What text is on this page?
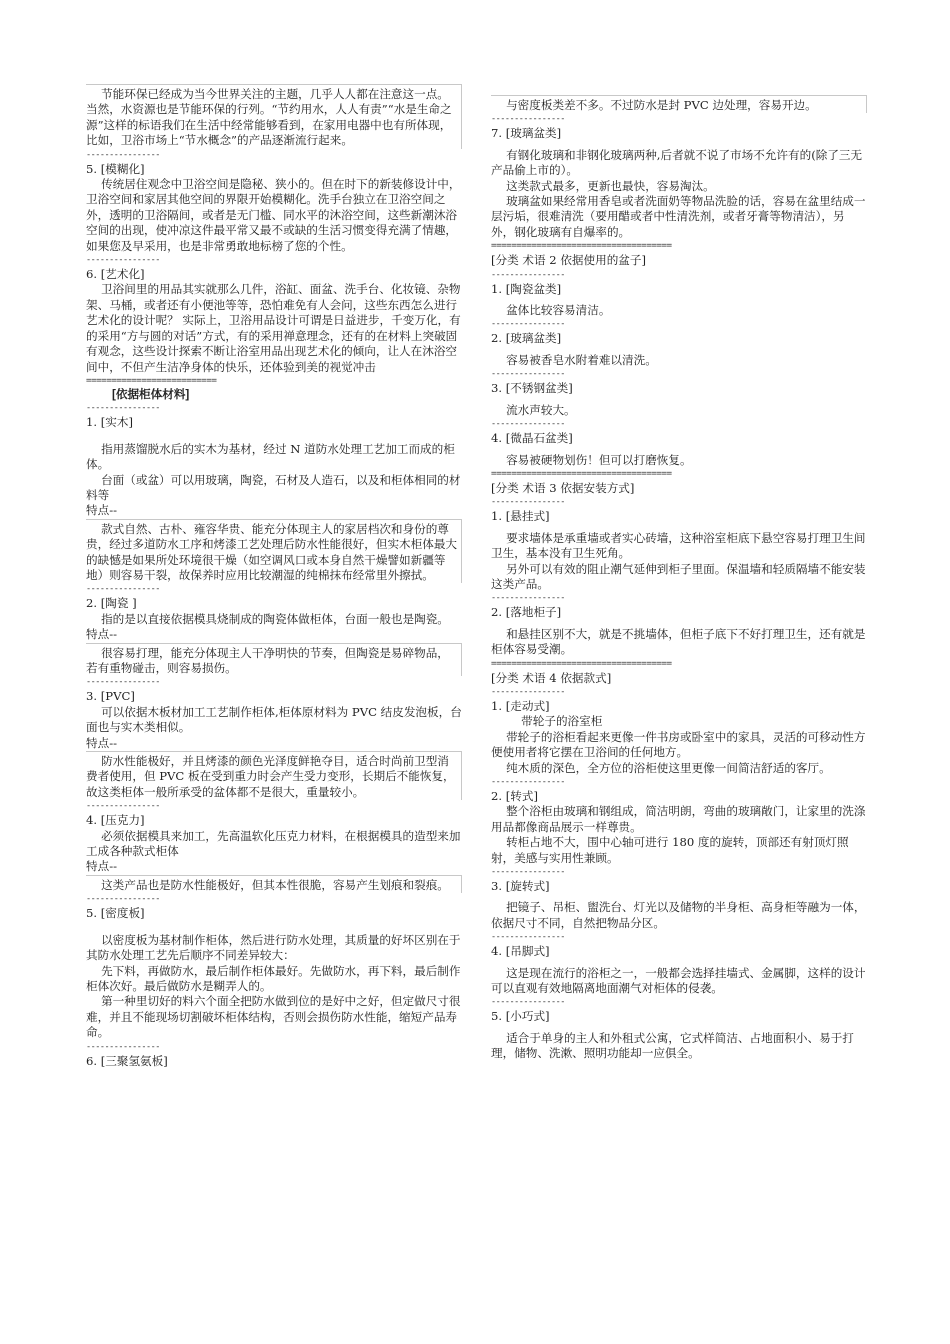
节能环保已经成为当今世界关注的主题，几乎人人都在注意这一点。当然，水资源也是节能环保的行列。“节约用水，人人有责”“水是生命之源”这样的标语我们在生活中经常能够看到，在家用电器中也有所体现，比如，卫浴市场上“节水概念”的产品逐渐流行起来。

----------------

5. [模糊化]

传统居住观念中卫浴空间是隐秘、狭小的。但在时下的新装修设计中，卫浴空间和家居其他空间的界限开始模糊化。洗手台独立在卫浴空间之外，透明的卫浴隔间，或者是无门槛、同水平的沐浴空间，这些新潮沐浴空间的出现，使冲凉这件最平常又最不或缺的生活习惯变得充满了情趣，如果您及早采用，也是非常勇敢地标榜了您的个性。

----------------

6. [艺术化]

卫浴间里的用品其实就那么几件，浴缸、面盆、洗手台、化妆镜、杂物架、马桶，或者还有小便池等等，恐怕难免有人会问，这些东西怎么进行艺术化的设计呢？ 实际上，卫浴用品设计可谓是日益进步，千变万化，有的采用“方与圆的对话”方式，有的采用禅意理念，还有的在材料上突破固有观念，这些设计探索不断让浴室用品出现艺术化的倾向，让人在沐浴空间中，不但产生洁净身体的快乐，还体验到美的视觉冲击

==========================

[依据柜体材料]

----------------

1. [实木]

指用蒸馏脱水后的实木为基材，经过 N 道防水处理工艺加工而成的柜体。

台面（或盆）可以用玻璃，陶瓷，石材及人造石，以及和柜体相同的材料等

特点--

款式自然、古朴、雍容华贵、能充分体现主人的家居档次和身份的尊贵，经过多道防水工序和烤漆工艺处理后防水性能很好，但实木柜体最大的缺憾是如果所处环境很干燥（如空调风口或本身自然干燥譬如新疆等地）则容易干裂，故保养时应用比较潮湿的纯棉抹布经常里外擦拭。

----------------

2. [陶瓷 ]

指的是以直接依据模具烧制成的陶瓷体做柜体，台面一般也是陶瓷。

特点--

很容易打理，能充分体现主人干净明快的节奏，但陶瓷是易碎物品，若有重物碰击，则容易损伤。

----------------

3. [PVC]

可以依据木板材加工工艺制作柜体,柜体原材料为 PVC 结皮发泡板，台面也与实木类相似。

特点--

防水性能极好，并且烤漆的颜色光泽度鲜艳夺目，适合时尚前卫型消费者使用，但 PVC 板在受到重力时会产生受力变形，长期后不能恢复，故这类柜体一般所承受的盆体都不是很大，重量较小。

----------------

4. [压克力]

必须依据模具来加工，先高温软化压克力材料，在根据模具的造型来加工成各种款式柜体

特点--

这类产品也是防水性能极好，但其本性很脆，容易产生划痕和裂痕。

----------------

5. [密度板]

以密度板为基材制作柜体，然后进行防水处理，其质量的好坏区别在于其防水处理工艺先后顺序不同差异较大：

先下料，再做防水，最后制作柜体最好。先做防水，再下料，最后制作柜体次好。最后做防水是糊弄人的。

第一种里切好的料六个面全把防水做到位的是好中之好，但定做尺寸很难，并且不能现场切割破坏柜体结构，否则会损伤防水性能，缩短产品寿命。

----------------

6. [三聚氢氨板]

与密度板类差不多。不过防水是封 PVC 边处理，容易开边。

----------------

7. [玻璃盆类]

有钢化玻璃和非钢化玻璃两种,后者就不说了市场不允许有的(除了三无产品偷上市的）。

这类款式最多，更新也最快，容易淘汰。

玻璃盆如果经常用香皂或者洗面奶等物品洗脸的话，容易在盆里结成一层污垢，很难清洗（要用醋或者中性清洗剂，或者牙膏等物清洁），另外，钢化玻璃有自爆率的。

====================================

[分类 术语 2 依据使用的盆子]

----------------

1. [陶瓷盆类]

盆体比较容易清洁。

----------------

2. [玻璃盆类]

容易被香皂水附着难以清洗。

----------------

3. [不锈钢盆类]

流水声较大。

----------------

4. [微晶石盆类]

容易被硬物划伤！但可以打磨恢复。

====================================

[分类 术语 3 依据安装方式]

----------------

1. [悬挂式]

要求墙体是承重墙或者实心砖墙，这种浴室柜底下悬空容易打理卫生间卫生，基本没有卫生死角。

另外可以有效的阻止潮气延伸到柜子里面。保温墙和轻质隔墙不能安装这类产品。

----------------

2. [落地柜子]

和悬挂区别不大，就是不挑墙体，但柜子底下不好打理卫生，还有就是柜体容易受潮。

====================================

[分类 术语 4 依据款式]

----------------

1. [走动式]

带轮子的浴室柜

带轮子的浴柜看起来更像一件书房或卧室中的家具，灵活的可移动性方便使用者将它摆在卫浴间的任何地方。

纯木质的深色，全方位的浴柜使这里更像一间简洁舒适的客厅。

----------------

2. [转式]

整个浴柜由玻璃和钢组成，简洁明朗，弯曲的玻璃敞门，让家里的洗涤用品都像商品展示一样尊贵。

转柜占地不大，围中心轴可进行 180 度的旋转，顶部还有射顶灯照射，美感与实用性兼顾。

----------------

3. [旋转式]

把镜子、吊柜、盥洗台、灯光以及储物的半身柜、高身柜等融为一体，依据尺寸不同，自然把物品分区。

----------------

4. [吊脚式]

这是现在流行的浴柜之一，一般都会选择挂墙式、金属脚，这样的设计可以直观有效地隔离地面潮气对柜体的侵袭。

----------------

5. [小巧式]

适合于单身的主人和外租式公寓，它式样简洁、占地面积小、易于打理，储物、洗漱、照明功能却一应俱全。
